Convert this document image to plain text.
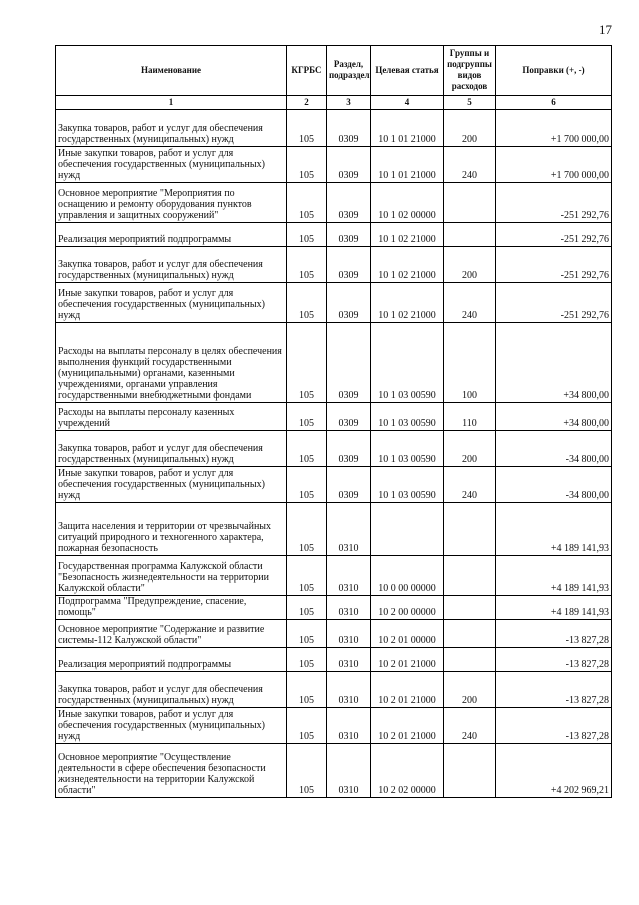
17
Наименование	КГРБС	Раздел, подраздел	Целевая статья	Группы и подгруппы видов расходов	Поправки (+, -)
1	2	3	4	5	6
Закупка товаров, работ и услуг для обеспечения государственных (муниципальных) нужд	105	0309	10 1 01 21000	200	+1 700 000,00
Иные закупки товаров, работ и услуг для обеспечения государственных (муниципальных) нужд	105	0309	10 1 01 21000	240	+1 700 000,00
Основное мероприятие "Мероприятия по оснащению и ремонту оборудования пунктов управления и защитных сооружений"	105	0309	10 1 02 00000		-251 292,76
Реализация мероприятий подпрограммы	105	0309	10 1 02 21000		-251 292,76
Закупка товаров, работ и услуг для обеспечения государственных (муниципальных) нужд	105	0309	10 1 02 21000	200	-251 292,76
Иные закупки товаров, работ и услуг для обеспечения государственных (муниципальных) нужд	105	0309	10 1 02 21000	240	-251 292,76
Расходы на выплаты персоналу в целях обеспечения выполнения функций государственными (муниципальными) органами, казенными учреждениями, органами управления государственными внебюджетными фондами	105	0309	10 1 03 00590	100	+34 800,00
Расходы на выплаты персоналу казенных учреждений	105	0309	10 1 03 00590	110	+34 800,00
Закупка товаров, работ и услуг для обеспечения государственных (муниципальных) нужд	105	0309	10 1 03 00590	200	-34 800,00
Иные закупки товаров, работ и услуг для обеспечения государственных (муниципальных) нужд	105	0309	10 1 03 00590	240	-34 800,00
Защита населения и территории от чрезвычайных ситуаций природного и техногенного характера, пожарная безопасность	105	0310			+4 189 141,93
Государственная программа Калужской области "Безопасность жизнедеятельности на территории Калужской области"	105	0310	10 0 00 00000		+4 189 141,93
Подпрограмма "Предупреждение, спасение, помощь"	105	0310	10 2 00 00000		+4 189 141,93
Основное мероприятие "Содержание и развитие системы-112 Калужской области"	105	0310	10 2 01 00000		-13 827,28
Реализация мероприятий подпрограммы	105	0310	10 2 01 21000		-13 827,28
Закупка товаров, работ и услуг для обеспечения государственных (муниципальных) нужд	105	0310	10 2 01 21000	200	-13 827,28
Иные закупки товаров, работ и услуг для обеспечения государственных (муниципальных) нужд	105	0310	10 2 01 21000	240	-13 827,28
Основное мероприятие "Осуществление деятельности в сфере обеспечения безопасности жизнедеятельности на территории Калужской области"	105	0310	10 2 02 00000		+4 202 969,21
